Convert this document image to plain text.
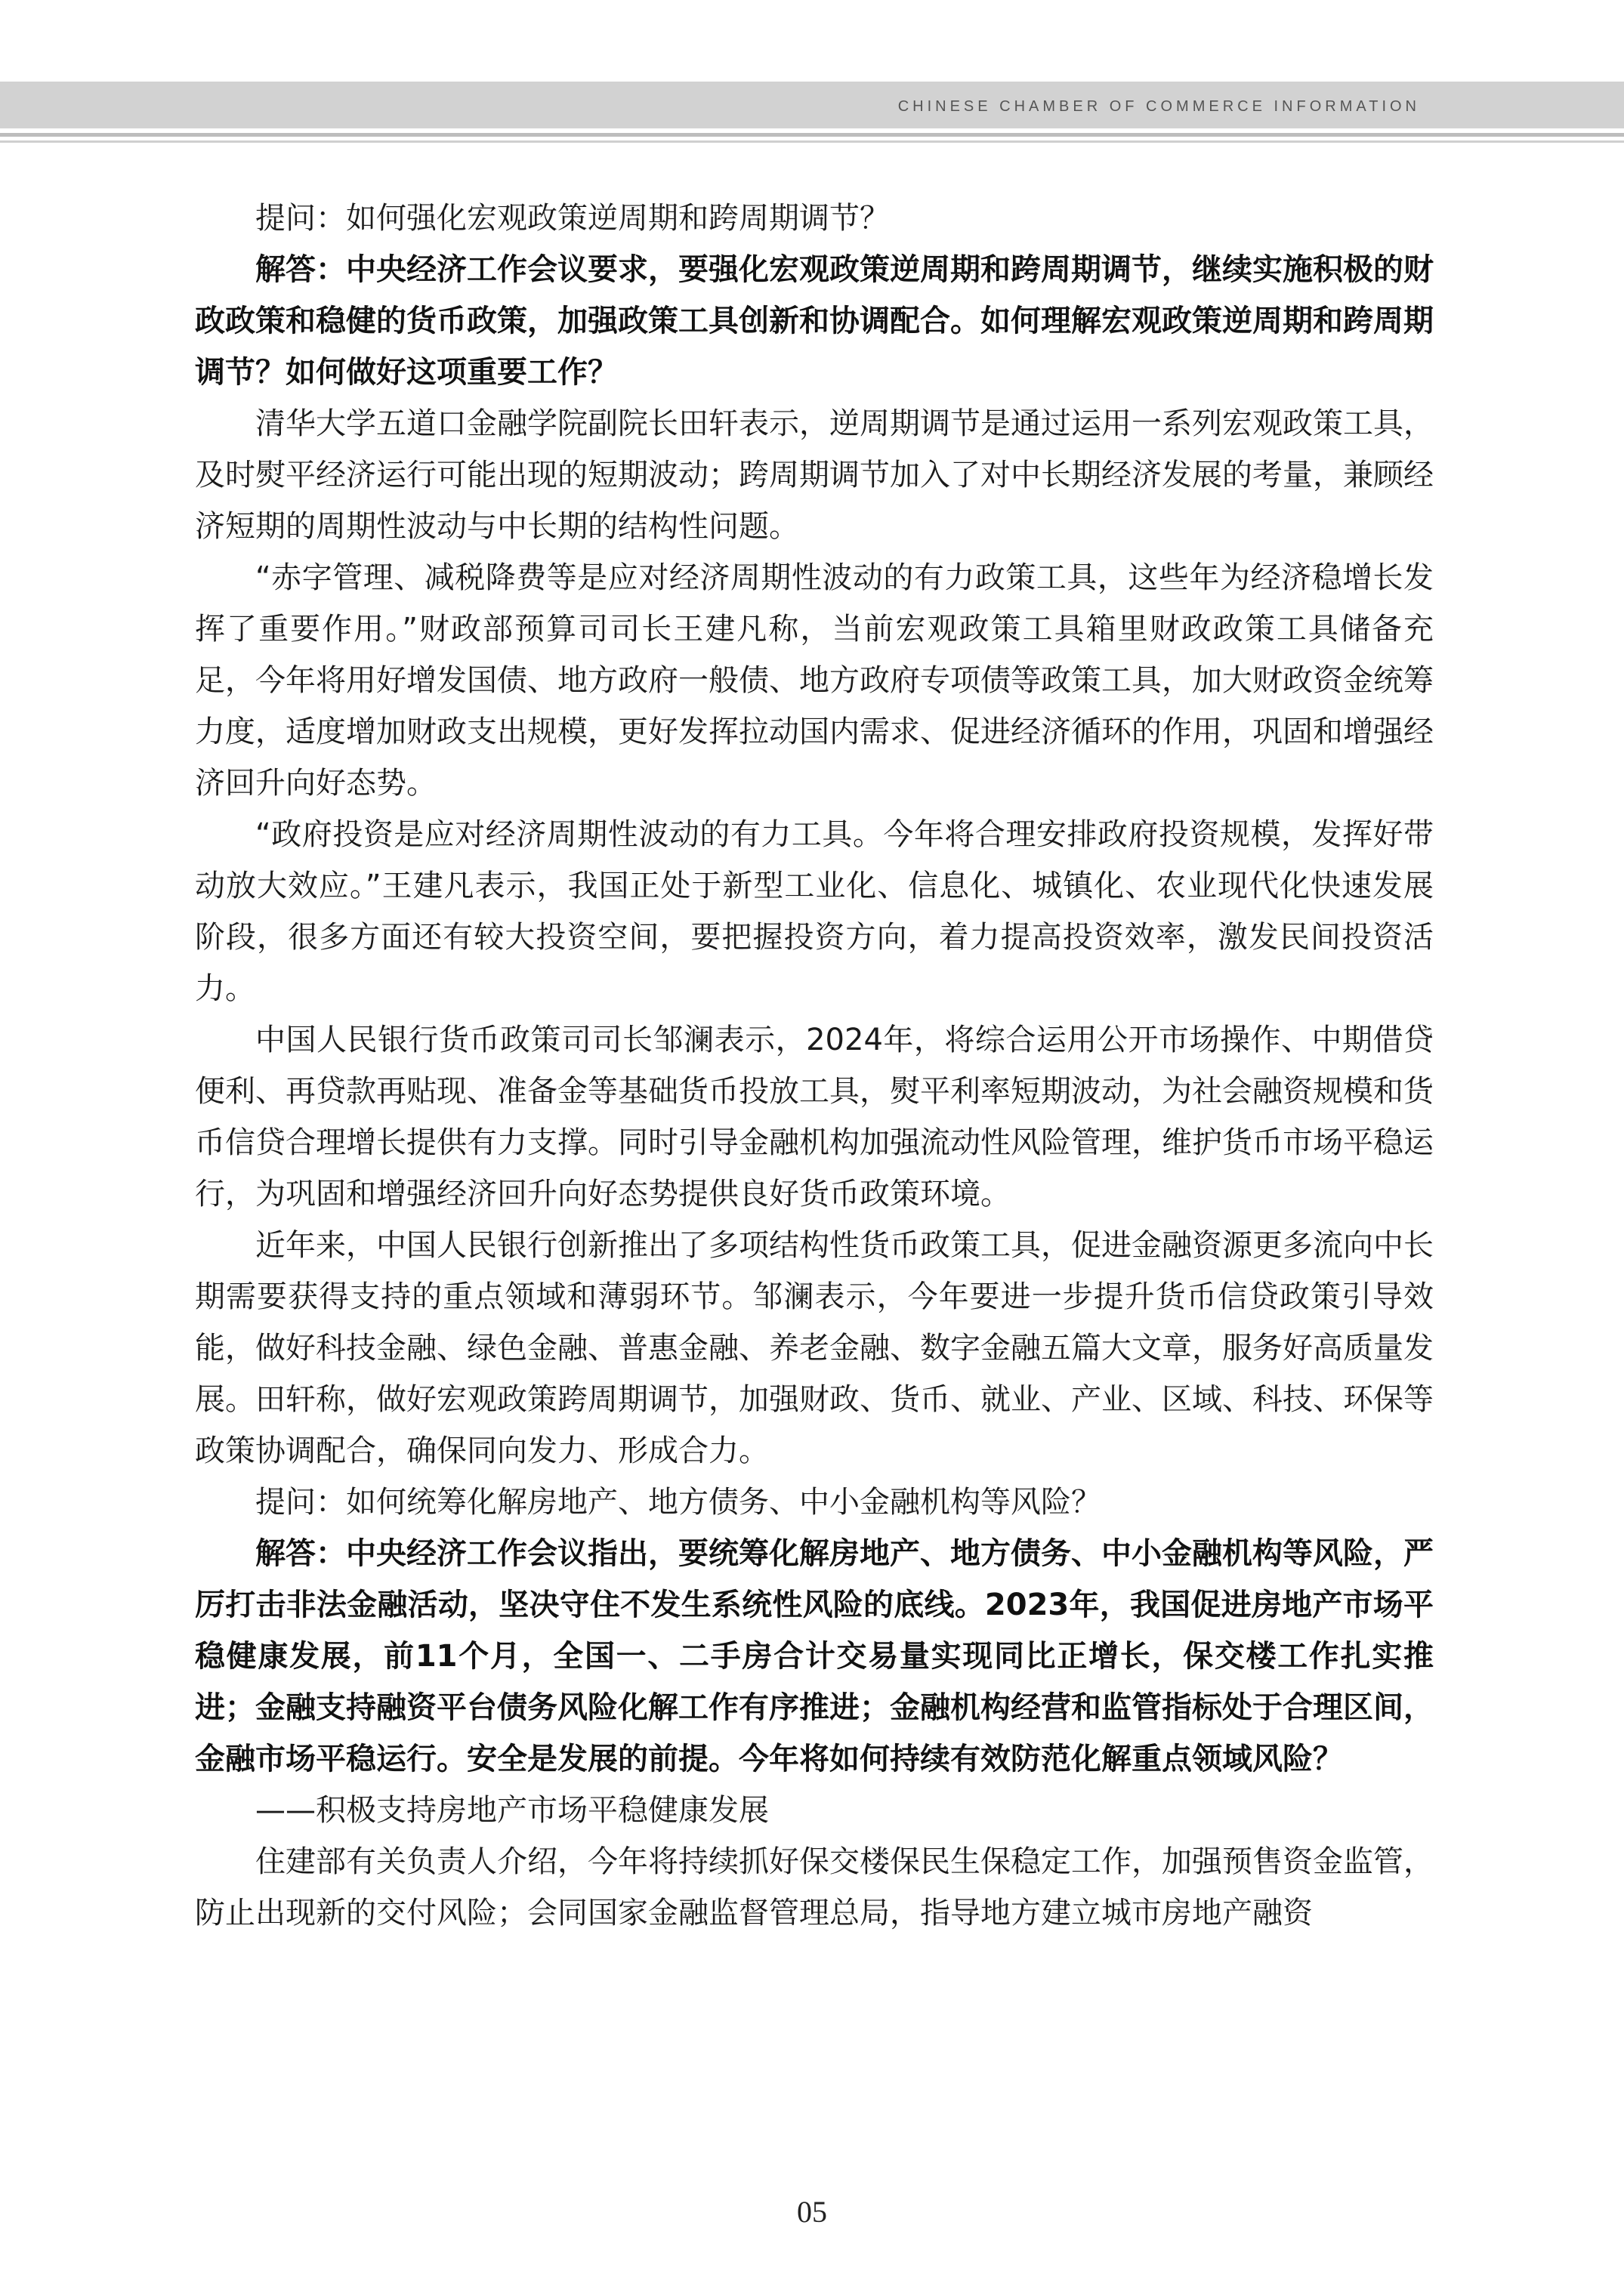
CHINESE CHAMBER OF COMMERCE INFORMATION

提问：如何强化宏观政策逆周期和跨周期调节？

解答：中央经济工作会议要求，要强化宏观政策逆周期和跨周期调节，继续实施积极的财政政策和稳健的货币政策，加强政策工具创新和协调配合。如何理解宏观政策逆周期和跨周期调节？如何做好这项重要工作？

清华大学五道口金融学院副院长田轩表示，逆周期调节是通过运用一系列宏观政策工具，及时熨平经济运行可能出现的短期波动；跨周期调节加入了对中长期经济发展的考量，兼顾经济短期的周期性波动与中长期的结构性问题。

“赤字管理、减税降费等是应对经济周期性波动的有力政策工具，这些年为经济稳增长发挥了重要作用。”财政部预算司司长王建凡称，当前宏观政策工具箱里财政政策工具储备充足，今年将用好增发国债、地方政府一般债、地方政府专项债等政策工具，加大财政资金统筹力度，适度增加财政支出规模，更好发挥拉动国内需求、促进经济循环的作用，巩固和增强经济回升向好态势。

“政府投资是应对经济周期性波动的有力工具。今年将合理安排政府投资规模，发挥好带动放大效应。”王建凡表示，我国正处于新型工业化、信息化、城镇化、农业现代化快速发展阶段，很多方面还有较大投资空间，要把握投资方向，着力提高投资效率，激发民间投资活力。

中国人民银行货币政策司司长邹澜表示，2024年，将综合运用公开市场操作、中期借贷便利、再贷款再贴现、准备金等基础货币投放工具，熨平利率短期波动，为社会融资规模和货币信贷合理增长提供有力支撑。同时引导金融机构加强流动性风险管理，维护货币市场平稳运行，为巩固和增强经济回升向好态势提供良好货币政策环境。

近年来，中国人民银行创新推出了多项结构性货币政策工具，促进金融资源更多流向中长期需要获得支持的重点领域和薄弱环节。邹澜表示，今年要进一步提升货币信贷政策引导效能，做好科技金融、绿色金融、普惠金融、养老金融、数字金融五篇大文章，服务好高质量发展。田轩称，做好宏观政策跨周期调节，加强财政、货币、就业、产业、区域、科技、环保等政策协调配合，确保同向发力、形成合力。

提问：如何统筹化解房地产、地方债务、中小金融机构等风险？

解答：中央经济工作会议指出，要统筹化解房地产、地方债务、中小金融机构等风险，严厉打击非法金融活动，坚决守住不发生系统性风险的底线。2023年，我国促进房地产市场平稳健康发展，前11个月，全国一、二手房合计交易量实现同比正增长，保交楼工作扎实推进；金融支持融资平台债务风险化解工作有序推进；金融机构经营和监管指标处于合理区间，金融市场平稳运行。安全是发展的前提。今年将如何持续有效防范化解重点领域风险？

——积极支持房地产市场平稳健康发展

住建部有关负责人介绍，今年将持续抓好保交楼保民生保稳定工作，加强预售资金监管，防止出现新的交付风险；会同国家金融监督管理总局，指导地方建立城市房地产融资

05
